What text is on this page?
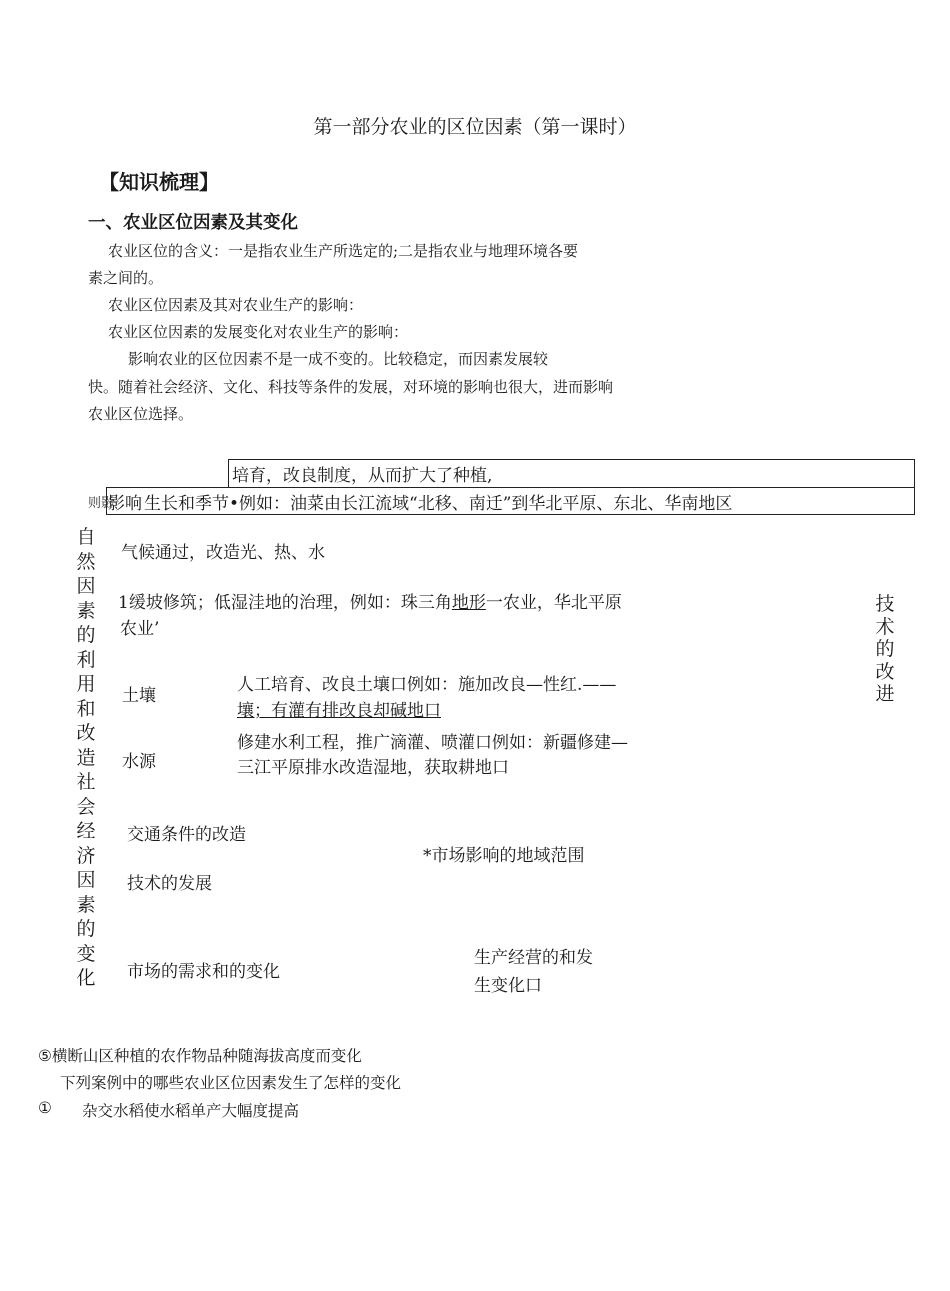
第一部分农业的区位因素（第一课时）
【知识梳理】
一、农业区位因素及其变化
农业区位的含义：一是指农业生产所选定的;二是指农业与地理环境各要
素之间的。
农业区位因素及其对农业生产的影响：
农业区位因素的发展变化对农业生产的影响：
影响农业的区位因素不是一成不变的。比较稳定，而因素发展较
快。随着社会经济、文化、科技等条件的发展，对环境的影响也很大，进而影响
农业区位选择。
培育，改良制度，从而扩大了种植,
则影
影响 生长和季节•例如：油菜由长江流域“北移、南迁”到华北平原、东北、华南地区
自然因素的利用和改造社会经济因素的变化
技术的改进
气候通过，改造光、热、水
1缓坡修筑；低湿洼地的治理，例如：珠三角地形一农业，华北平原
农业’
土壤
人工培育、改良土壤口例如：施加改良—性红.——
壤；有灌有排改良却碱地口
水源
修建水利工程，推广滴灌、喷灌口例如：新疆修建—
三江平原排水改造湿地，获取耕地口
交通条件的改造
*市场影响的地域范围
技术的发展
市场的需求和的变化
生产经营的和发
生变化口
⑤横断山区种植的农作物品种随海拔高度而变化
下列案例中的哪些农业区位因素发生了怎样的变化
① 杂交水稻使水稻单产大幅度提高
